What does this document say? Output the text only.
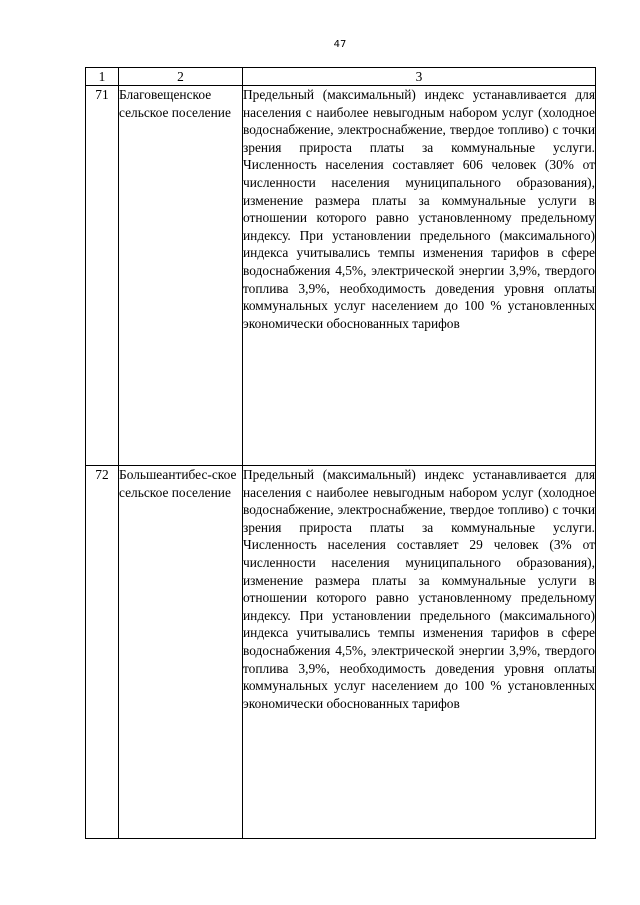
47
1	2	3
71	Благовещенское сельское поселение	Предельный (максимальный) индекс устанавливается для населения с наиболее невыгодным набором услуг (холодное водоснабжение, электроснабжение, твердое топливо) с точки зрения прироста платы за коммунальные услуги. Численность населения составляет 606 человек (30% от численности населения муниципального образования), изменение размера платы за коммунальные услуги в отношении которого равно установленному предельному индексу. При установлении предельного (максимального) индекса учитывались темпы изменения тарифов в сфере водоснабжения 4,5%, электрической энергии 3,9%, твердого топлива 3,9%, необходимость доведения уровня оплаты коммунальных услуг населением до 100 % установленных экономически обоснованных тарифов
72	Большеантибес-ское сельское поселение	Предельный (максимальный) индекс устанавливается для населения с наиболее невыгодным набором услуг (холодное водоснабжение, электроснабжение, твердое топливо) с точки зрения прироста платы за коммунальные услуги. Численность населения составляет 29 человек (3% от численности населения муниципального образования), изменение размера платы за коммунальные услуги в отношении которого равно установленному предельному индексу. При установлении предельного (максимального) индекса учитывались темпы изменения тарифов в сфере водоснабжения 4,5%, электрической энергии 3,9%, твердого топлива 3,9%, необходимость доведения уровня оплаты коммунальных услуг населением до 100 % установленных экономически обоснованных тарифов
